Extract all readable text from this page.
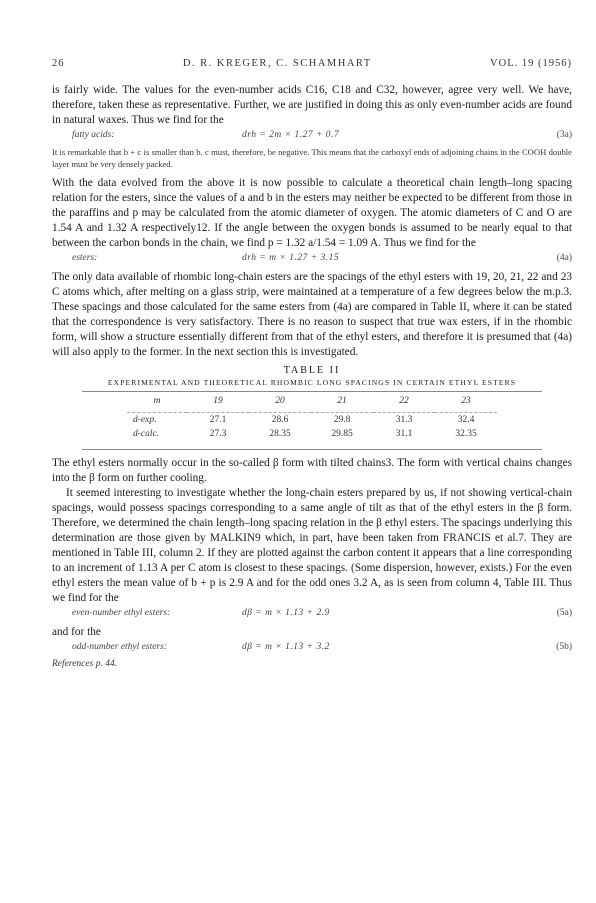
26	D. R. KREGER, C. SCHAMHART	VOL. 19 (1956)

is fairly wide. The values for the even-number acids C16, C18 and C32, however, agree very well. We have, therefore, taken these as representative. Further, we are justified in doing this as only even-number acids are found in natural waxes. Thus we find for the

fatty acids:	drh = 2m × 1.27 + 0.7	(3a)

It is remarkable that b + c is smaller than b. c must, therefore, be negative. This means that the carboxyl ends of adjoining chains in the COOH double layer must be very densely packed.

With the data evolved from the above it is now possible to calculate a theoretical chain length–long spacing relation for the esters, since the values of a and b in the esters may neither be expected to be different from those in the paraffins and p may be calculated from the atomic diameter of oxygen. The atomic diameters of C and O are 1.54 A and 1.32 A respectively12. If the angle between the oxygen bonds is assumed to be nearly equal to that between the carbon bonds in the chain, we find p = 1.32 a/1.54 = 1.09 A. Thus we find for the

esters:	drh = m × 1.27 + 3.15	(4a)

The only data available of rhombic long-chain esters are the spacings of the ethyl esters with 19, 20, 21, 22 and 23 C atoms which, after melting on a glass strip, were maintained at a temperature of a few degrees below the m.p.3. These spacings and those calculated for the same esters from (4a) are compared in Table II, where it can be stated that the correspondence is very satisfactory. There is no reason to suspect that true wax esters, if in the rhombic form, will show a structure essentially different from that of the ethyl esters, and therefore it is presumed that (4a) will also apply to the former. In the next section this is investigated.

TABLE II
EXPERIMENTAL AND THEORETICAL RHOMBIC LONG SPACINGS IN CERTAIN ETHYL ESTERS
m	19	20	21	22	23
d-exp.	27.1	28.6	29.8	31.3	32.4
d-calc.	27.3	28.35	29.85	31.1	32.35

The ethyl esters normally occur in the so-called β form with tilted chains3. The form with vertical chains changes into the β form on further cooling.

It seemed interesting to investigate whether the long-chain esters prepared by us, if not showing vertical-chain spacings, would possess spacings corresponding to a same angle of tilt as that of the ethyl esters in the β form. Therefore, we determined the chain length–long spacing relation in the β ethyl esters. The spacings underlying this determination are those given by MALKIN9 which, in part, have been taken from FRANCIS et al.7. They are mentioned in Table III, column 2. If they are plotted against the carbon content it appears that a line corresponding to an increment of 1.13 A per C atom is closest to these spacings. (Some dispersion, however, exists.) For the even ethyl esters the mean value of b + p is 2.9 A and for the odd ones 3.2 A, as is seen from column 4, Table III. Thus we find for the

even-number ethyl esters:	dβ = m × 1.13 + 2.9	(5a)

and for the

odd-number ethyl esters:	dβ = m × 1.13 + 3.2	(5b)
References p. 44.
